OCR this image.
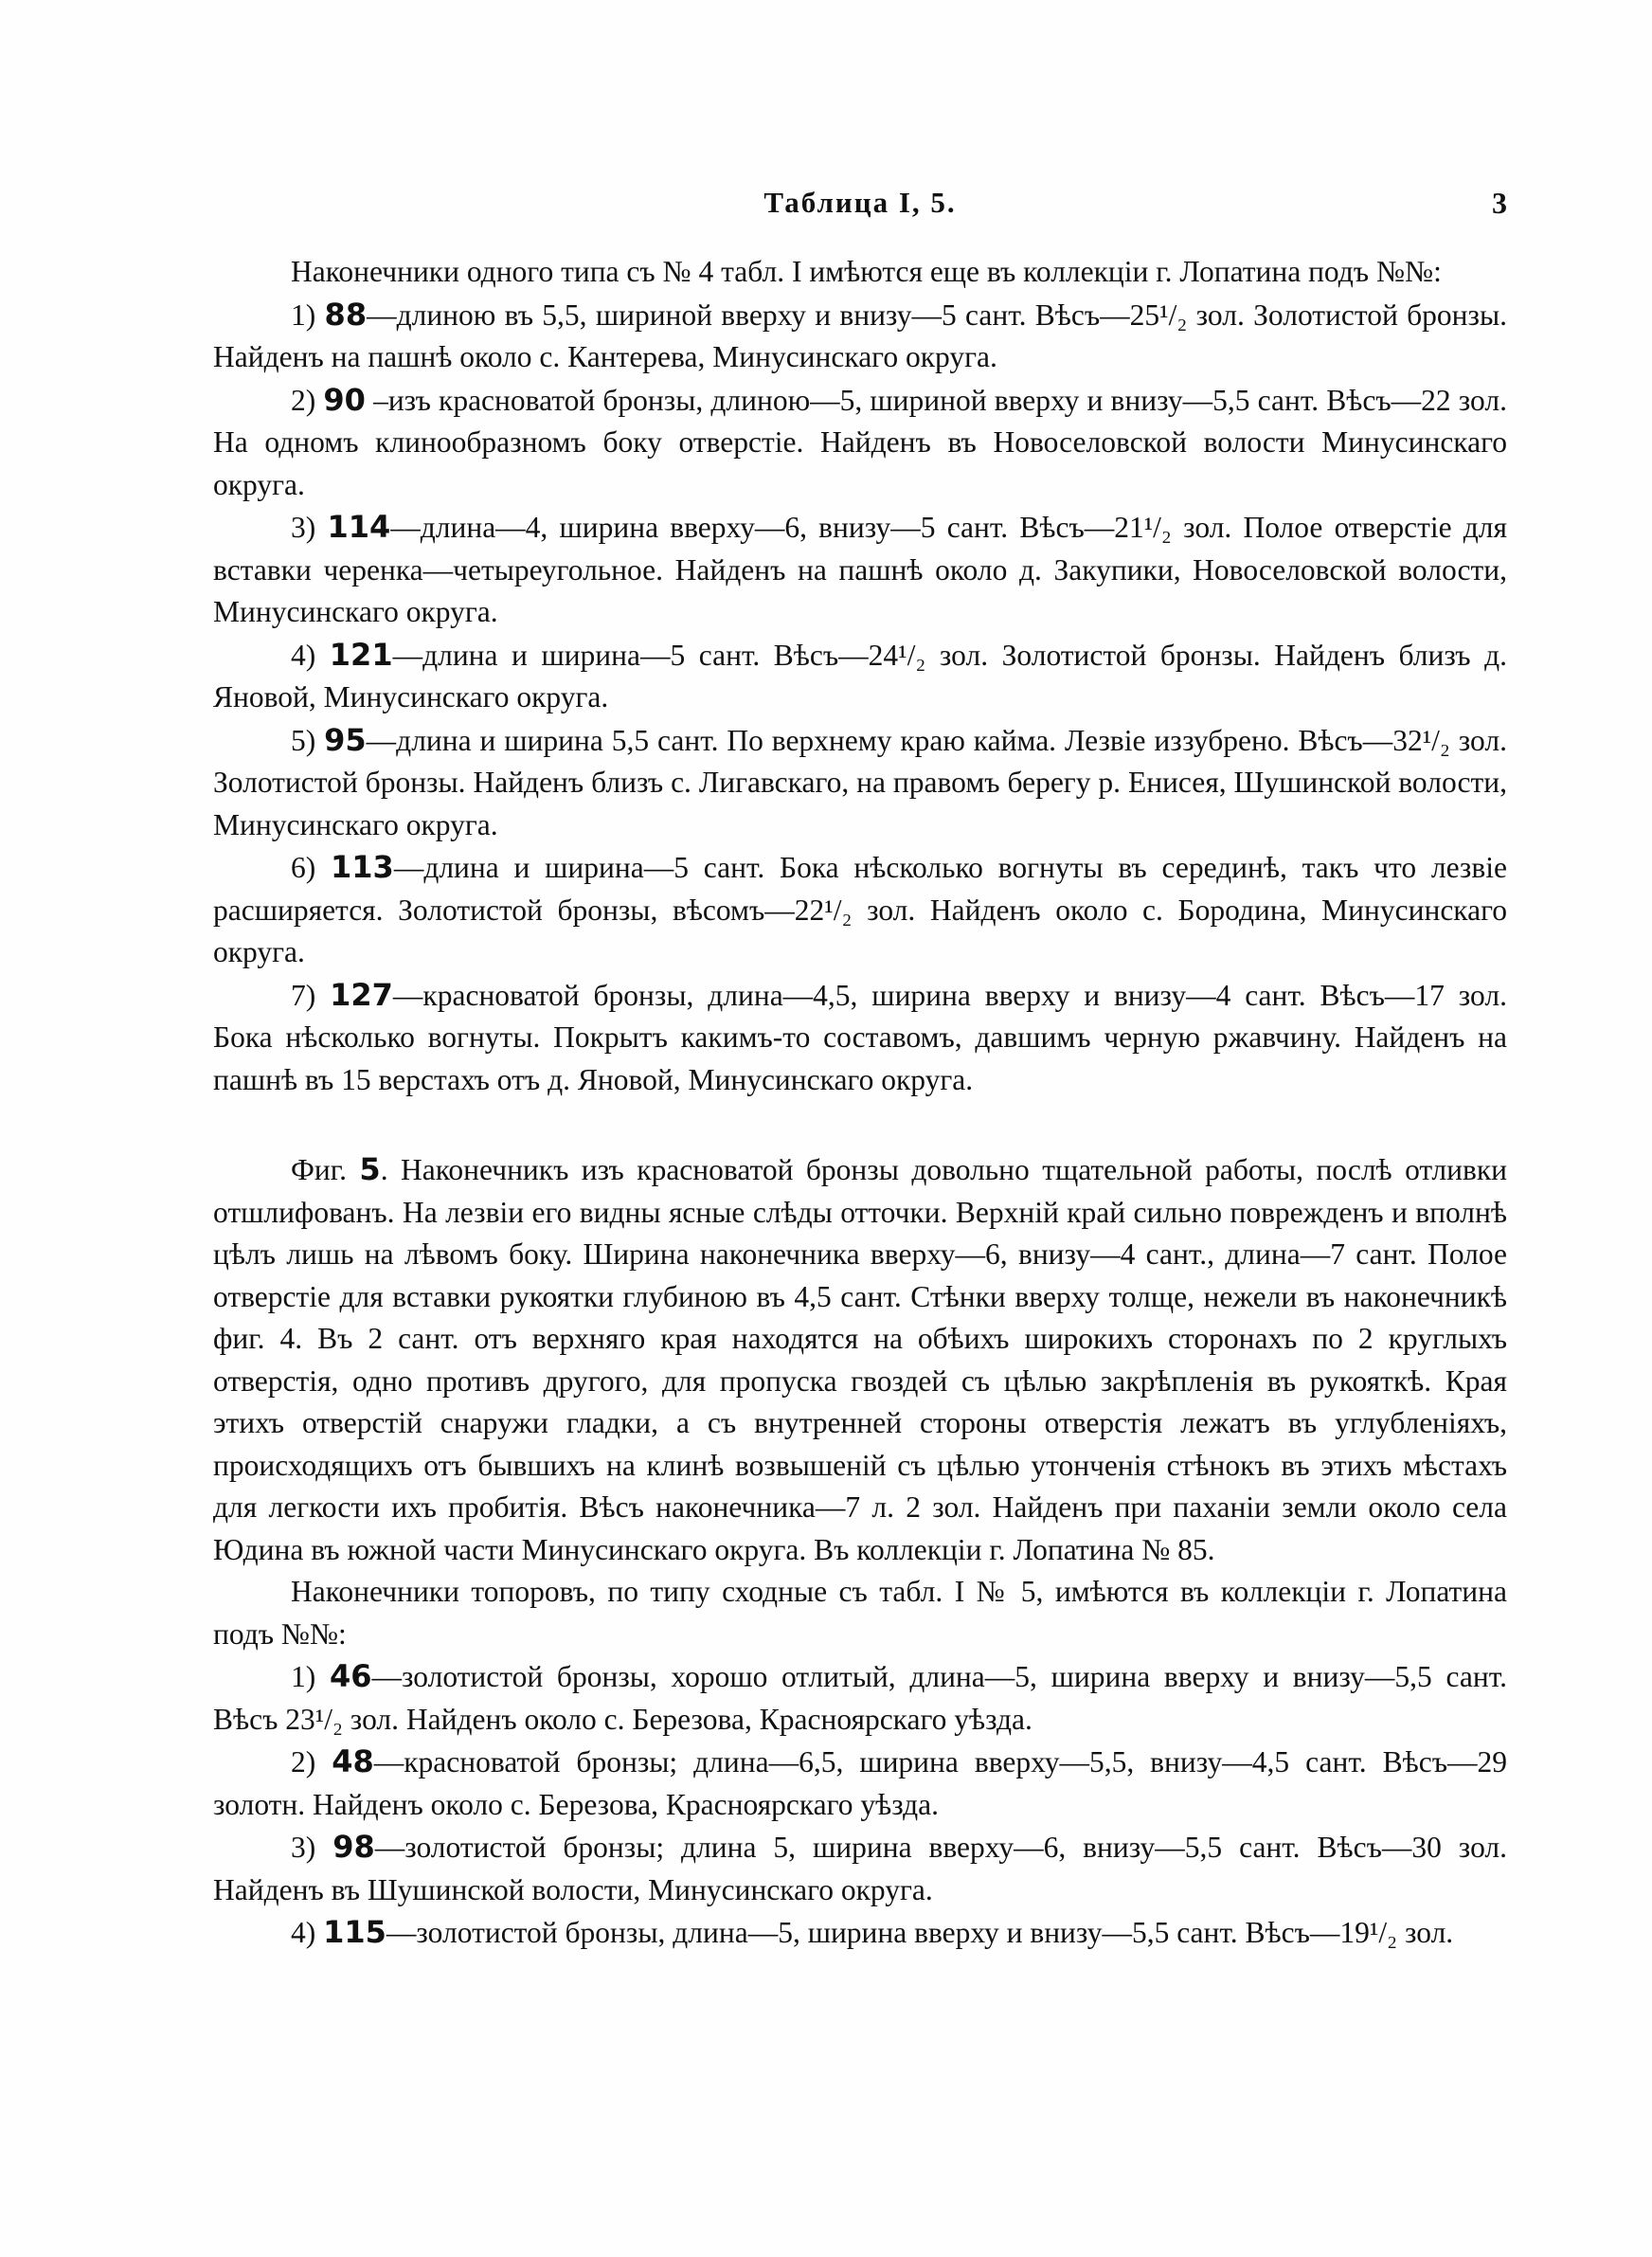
Таблица I, 5.	3

Наконечники одного типа съ № 4 табл. I имѣются еще въ коллекціи г. Лопатина подъ №№:

1) 88—длиною въ 5,5, шириной вверху и внизу—5 сант. Вѣсъ—25¹/₂ зол. Золотистой бронзы. Найденъ на пашнѣ около с. Кантерева, Минусинскаго округа.

2) 90 –изъ красноватой бронзы, длиною—5, шириной вверху и внизу—5,5 сант. Вѣсъ—22 зол. На одномъ клинообразномъ боку отверстіе. Найденъ въ Новоселовской волости Минусинскаго округа.

3) 114—длина—4, ширина вверху—6, внизу—5 сант. Вѣсъ—21¹/₂ зол. Полое отверстіе для вставки черенка—четыреугольное. Найденъ на пашнѣ около д. Закупики, Новоселовской волости, Минусинскаго округа.

4) 121—длина и ширина—5 сант. Вѣсъ—24¹/₂ зол. Золотистой бронзы. Найденъ близъ д. Яновой, Минусинскаго округа.

5) 95—длина и ширина 5,5 сант. По верхнему краю кайма. Лезвіе иззубрено. Вѣсъ—32¹/₂ зол. Золотистой бронзы. Найденъ близъ с. Лигавскаго, на правомъ берегу р. Енисея, Шушинской волости, Минусинскаго округа.

6) 113—длина и ширина—5 сант. Бока нѣсколько вогнуты въ серединѣ, такъ что лезвіе расширяется. Золотистой бронзы, вѣсомъ—22¹/₂ зол. Найденъ около с. Бородина, Минусинскаго округа.

7) 127—красноватой бронзы, длина—4,5, ширина вверху и внизу—4 сант. Вѣсъ—17 зол. Бока нѣсколько вогнуты. Покрытъ какимъ-то составомъ, давшимъ черную ржавчину. Найденъ на пашнѣ въ 15 верстахъ отъ д. Яновой, Минусинскаго округа.

Фиг. 5. Наконечникъ изъ красноватой бронзы довольно тщательной работы, послѣ отливки отшлифованъ. На лезвіи его видны ясные слѣды отточки. Верхній край сильно поврежденъ и вполнѣ цѣлъ лишь на лѣвомъ боку. Ширина наконечника вверху—6, внизу—4 сант., длина—7 сант. Полое отверстіе для вставки рукоятки глубиною въ 4,5 сант. Стѣнки вверху толще, нежели въ наконечникѣ фиг. 4. Въ 2 сант. отъ верхняго края находятся на обѣихъ широкихъ сторонахъ по 2 круглыхъ отверстія, одно противъ другого, для пропуска гвоздей съ цѣлью закрѣпленія въ рукояткѣ. Края этихъ отверстій снаружи гладки, а съ внутренней стороны отверстія лежатъ въ углубленіяхъ, происходящихъ отъ бывшихъ на клинѣ возвышеній съ цѣлью утонченія стѣнокъ въ этихъ мѣстахъ для легкости ихъ пробитія. Вѣсъ наконечника—7 л. 2 зол. Найденъ при паханіи земли около села Юдина въ южной части Минусинскаго округа. Въ коллекціи г. Лопатина № 85.

Наконечники топоровъ, по типу сходные съ табл. I № 5, имѣются въ коллекціи г. Лопатина подъ №№:

1) 46—золотистой бронзы, хорошо отлитый, длина—5, ширина вверху и внизу—5,5 сант. Вѣсъ 23¹/₂ зол. Найденъ около с. Березова, Красноярскаго уѣзда.

2) 48—красноватой бронзы; длина—6,5, ширина вверху—5,5, внизу—4,5 сант. Вѣсъ—29 золотн. Найденъ около с. Березова, Красноярскаго уѣзда.

3) 98—золотистой бронзы; длина 5, ширина вверху—6, внизу—5,5 сант. Вѣсъ—30 зол. Найденъ въ Шушинской волости, Минусинскаго округа.

4) 115—золотистой бронзы, длина—5, ширина вверху и внизу—5,5 сант. Вѣсъ—19¹/₂ зол.
